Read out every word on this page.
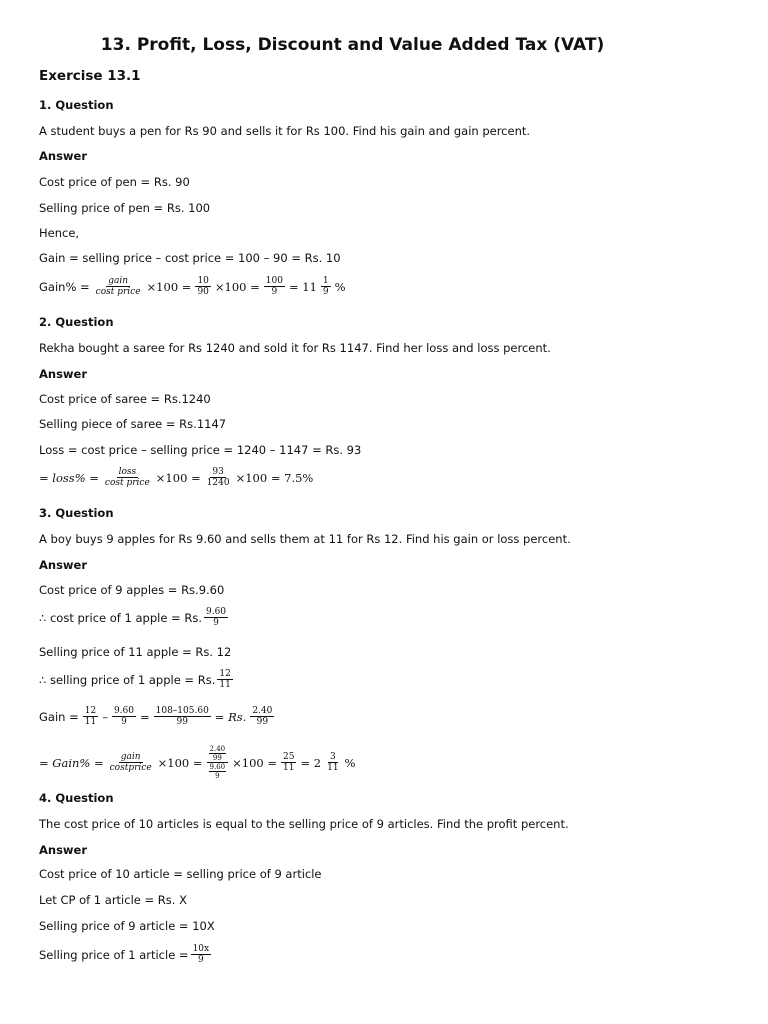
13. Profit, Loss, Discount and Value Added Tax (VAT)
Exercise 13.1
1. Question
A student buys a pen for Rs 90 and sells it for Rs 100. Find his gain and gain percent.
Answer
Cost price of pen = Rs. 90
Selling price of pen = Rs. 100
Hence,
Gain = selling price – cost price = 100 – 90 = Rs. 10
Gain% = $\frac{\text{gain}}{\text{cost price}} \times 100 = \frac{10}{90} \times 100 = \frac{100}{9} = 11 \frac{1}{9}$ %
2. Question
Rekha bought a saree for Rs 1240 and sold it for Rs 1147. Find her loss and loss percent.
Answer
Cost price of saree = Rs.1240
Selling piece of saree = Rs.1147
Loss = cost price – selling price = 1240 – 1147 = Rs. 93
= loss% = $\frac{\text{loss}}{\text{cost price}} \times 100 = \frac{93}{1240} \times 100 = 7.5\%$
3. Question
A boy buys 9 apples for Rs 9.60 and sells them at 11 for Rs 12. Find his gain or loss percent.
Answer
Cost price of 9 apples = Rs.9.60
∴ cost price of 1 apple = Rs. $\frac{9.60}{9}$
Selling price of 11 apple = Rs. 12
∴ selling price of 1 apple = Rs. $\frac{12}{11}$
Gain = $\frac{12}{11} - \frac{9.60}{9} = \frac{108-105.60}{99} = Rs$. $\frac{2.40}{99}$
= Gain% = $\frac{\text{gain}}{\text{costprice}} \times 100 = 2.40$
99
9.60
$9 \times 100 = \frac{25}{11} = 2 \frac{3}{11}$ %
4. Question
The cost price of 10 articles is equal to the selling price of 9 articles. Find the profit percent.
Answer
Cost price of 10 article = selling price of 9 article
Let CP of 1 article = Rs. X
Selling price of 9 article = 10X
Selling price of 1 article = $\frac{10x}{9}$
